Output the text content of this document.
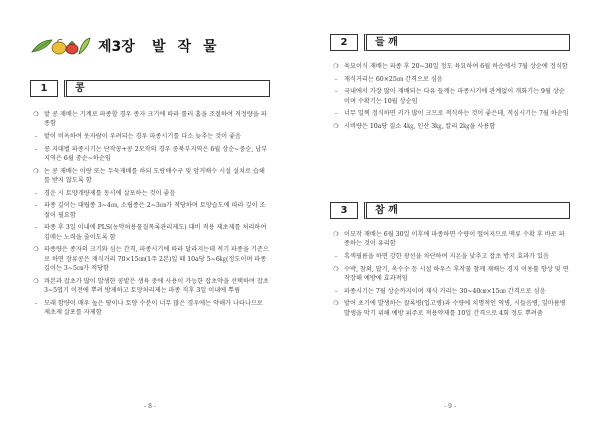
제3장 발작물
1	콩
❍ 밭 콩 재배는 기계로 파종할 경우 종자 크기에 따라 롤러 홈을 조절하여 적정량을 파종함
-	밭이 비옥하여 웃자람이 우려되는 경우 파종시기를 다소 늦추는 것이 좋음
-	콩 지대별 파종시기는 단작콩+콩 2모작의 경우 중북부지역은 6월 상순~중순, 남부지역은 6월 중순~하순임
❍ 논 콩 재배는 이랑 또는 두둑재배를 하되 도랑배수구 및 암거배수 시설 설치로 습해를 받지 않도록 함
-	경운 시 토양개량제를 동시에 살포하는 것이 좋음
-	파종 깊이는 대립종 3~4㎝, 소립종은 2~3㎝가 적당하며 토양습도에 따라 깊이 조절이 필요함
-	파종 후 3일 이내에 PLS(농약허용물질목록관리제도) 대비 적용 제초제를 처리하여 김매는 노력을 줄이도록 함
❍ 파종량은 종자의 크기와 심는 간격, 파종시기에 따라 달라지는데 적기 파종을 기준으로 하면 장류콩은 재식거리 70×15㎝(1주 2본)일 때 10a당 5~6㎏(정도이며 파종깊이는 3~5㎝가 적당함
❍ 콰본과 잡초가 많이 발생한 콩밭은 생육 중에 사용이 가능한 잡초약을 선택하여 잡초 3~5엽기 이전에 뿌려 방제하고 토양처리제는 파종 직후 3일 이내에 뿌림
-	모래 함량이 매우 높은 땅이나 토양 수분이 너무 많은 경우에는 약해가 나타나므로 제초제 살포를 자제함
- 8 -
2	들 깨
❍ 육묘이식 재배는 파종 후 20~30일 정도 육묘하여 6월 하순에서 7월 상순에 정식함
-	재식거리는 60×25㎝ 간격으로 심음
-	국내에서 가장 많이 재배되는 다유 들깨는 파종시기에 관계없이 개화기는 9월 상순이며 수확기는 10월 상순임
-	너무 일찍 정식하면 키가 많이 크므로 적식하는 것이 좋은데, 적심시기는 7월 하순임
❍ 시비량은 10a당 질소 4㎏, 인산 3㎏, 칼리 2㎏을 사용함
3	참 깨
❍ 이모작 재배는 6월 30일 이후에 파종하면 수량이 떨어지므로 맥류 수확 후 바로 파종하는 것이 유리함
-	흑색필름을 하면 강한 광선을 차단하여 지온을 낮추고 잡초 방지 효과가 있음
❍ 수박, 참외, 딸기, 옥수수 등 시설 하우스 후작물 참깨 재배는 경지 이용률 향상 및 연작장해 예방에 효과적임
-	파종시기는 7월 상순까지이며 재식 거리는 30~40㎝×15㎝ 간격으로 심음
❍ 밭어 초기에 발생하는 잘록병(입고병)과 수량에 치명적인 역병, 시들음병, 잎마름병 발생을 막기 위해 예방 위주로 적용약제를 10일 간격으로 4회 정도 뿌려줌
- 9 -
